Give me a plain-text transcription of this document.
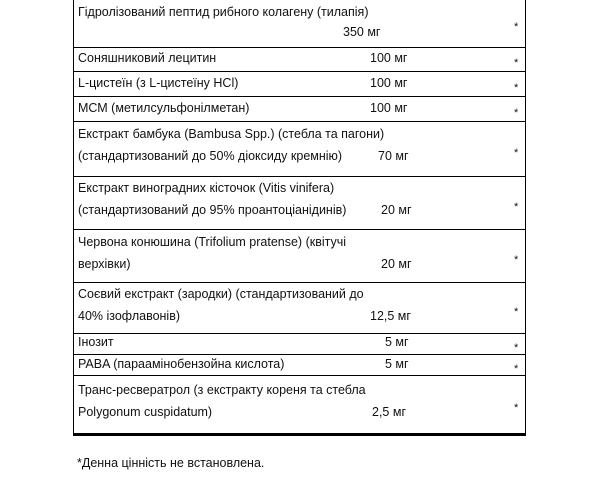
Гідролізований пептид рибного колагену (тилапія)
350 мг	*
Соняшниковий лецитин	100 мг	*
L-цистеїн (з L-цистеїну HCl)	100 мг	*
МСМ (метилсульфонілметан)	100 мг	*
Екстракт бамбука (Bambusa Spp.) (стебла та пагони)
(стандартизований до 50% діоксиду кремнію)	70 мг	*
Екстракт виноградних кісточок (Vitis vinifera)
(стандартизований до 95% проантоціанідинів)	20 мг	*
Червона конюшина (Trifolium pratense) (квітучі
верхівки)	20 мг	*
Соєвий екстракт (зародки) (стандартизований до
40% ізофлавонів)	12,5 мг	*
Інозит	5 мг	*
PABA (параамінобензойна кислота)	5 мг	*
Транс-ресвератрол (з екстракту кореня та стебла
Polygonum cuspidatum)	2,5 мг	*
*Денна цінність не встановлена.
